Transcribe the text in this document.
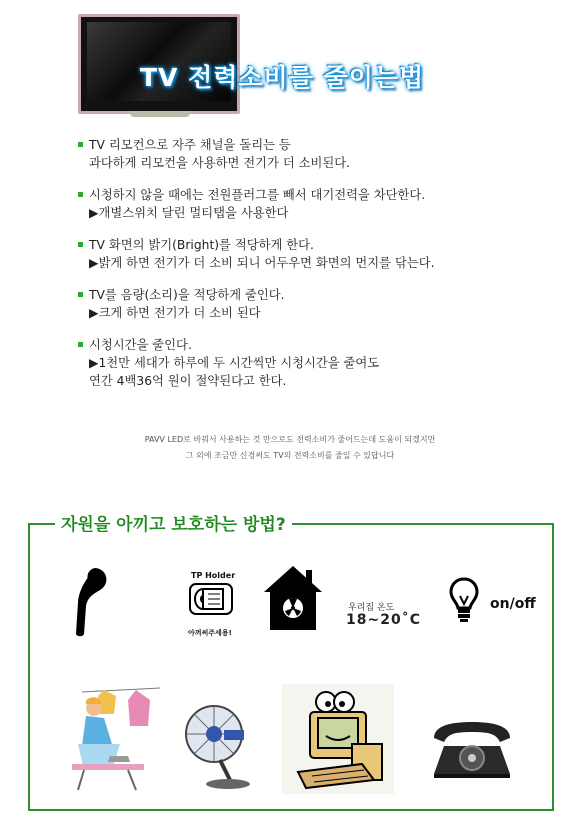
TV 전력소비를 줄이는법
TV 리모컨으로 자주 채널을 돌리는 등
과다하게 리모컨을 사용하면 전기가 더 소비된다.
시청하지 않을 때에는 전원플러그를 빼서 대기전력을 차단한다.
▶개별스위치 달린 멀티탭을 사용한다
TV 화면의 밝기(Bright)를 적당하게 한다.
▶밝게 하면 전기가 더 소비 되니 어두우면 화면의 먼지를 닦는다.
TV를 음량(소리)을 적당하게 줄인다.
▶크게 하면 전기가 더 소비 된다
시청시간을 줄인다.
▶1천만 세대가 하루에 두 시간씩만 시청시간을 줄여도
연간 4백36억 원이 절약된다고 한다.
PAVV LED로 바꿔서 사용하는 것 만으로도 전력소비가 줄어드는데 도움이 되겠지만
그 외에 조금만 신경써도 TV의 전력소비를 줄일 수 있답니다
자원을 아끼고 보호하는 방법?
TP Holder
아껴써주세용!
우리집 온도
18~20˚C
on/off
